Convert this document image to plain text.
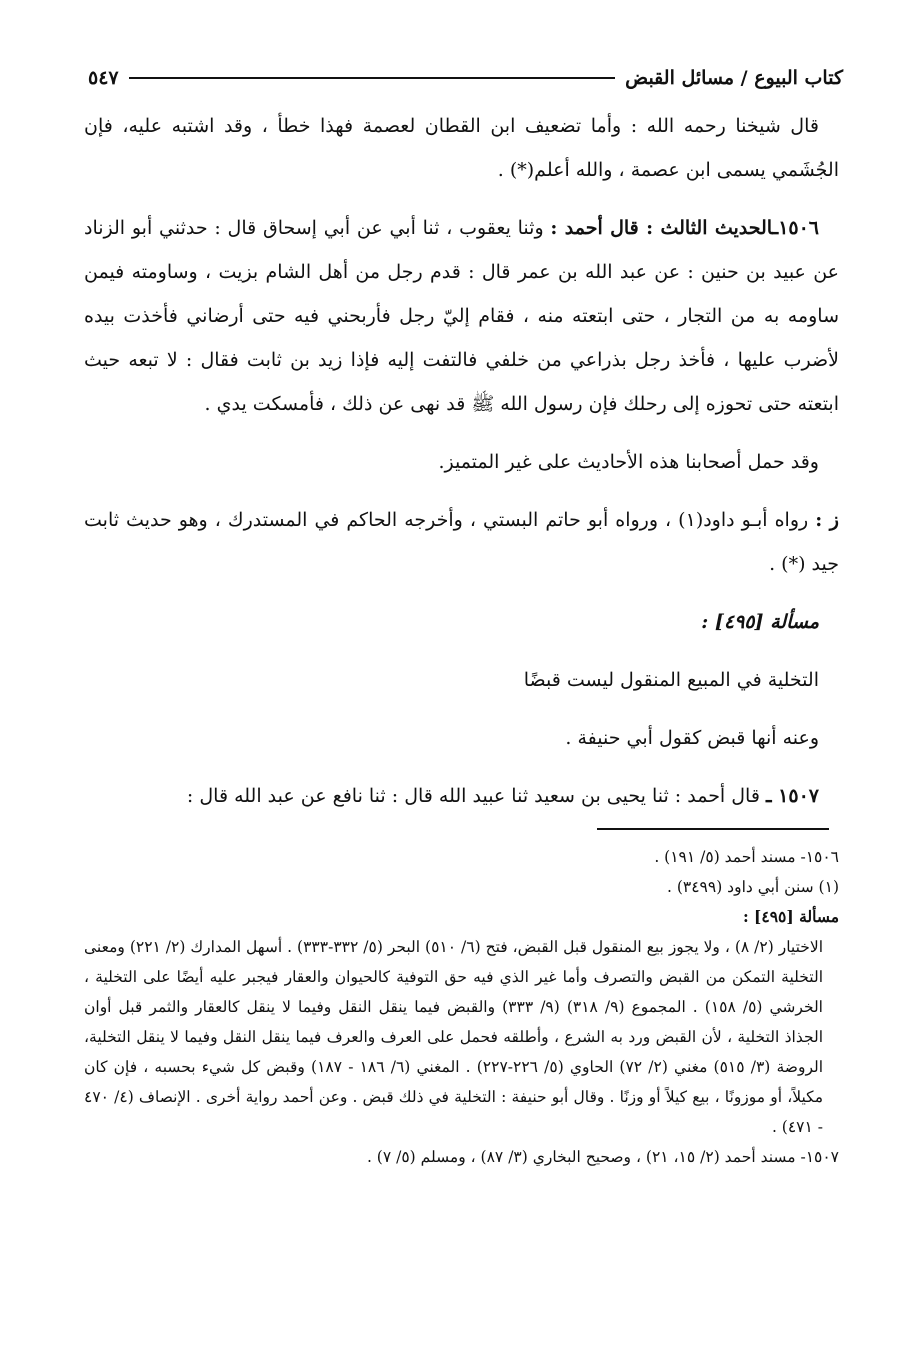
كتاب البيوع / مسائل القبض
٥٤٧

قال شيخنا رحمه الله : وأما تضعيف ابن القطان لعصمة فهذا خطأ ، وقد اشتبه عليه، فإن الجُشَمي يسمى ابن عصمة ، والله أعلم(*) .

١٥٠٦ـالحديث الثالث : قال أحمد : وثنا يعقوب ، ثنا أبي عن أبي إسحاق قال : حدثني أبو الزناد عن عبيد بن حنين : عن عبد الله بن عمر قال : قدم رجل من أهل الشام بزيت ، وساومته فيمن ساومه به من التجار ، حتى ابتعته منه ، فقام إليّ رجل فأربحني فيه حتى أرضاني فأخذت بيده لأضرب عليها ، فأخذ رجل بذراعي من خلفي فالتفت إليه فإذا زيد بن ثابت فقال : لا تبعه حيث ابتعته حتى تحوزه إلى رحلك فإن رسول الله ﷺ قد نهى عن ذلك ، فأمسكت يدي .

وقد حمل أصحابنا هذه الأحاديث على غير المتميز.

ز : رواه أبـو داود(١) ، ورواه أبو حاتم البستي ، وأخرجه الحاكم في المستدرك ، وهو حديث ثابت جيد (*) .

مسألة [٤٩٥] :

التخلية في المبيع المنقول ليست قبضًا

وعنه أنها قبض كقول أبي حنيفة .

١٥٠٧ ـ قال أحمد : ثنا يحيى بن سعيد ثنا عبيد الله قال : ثنا نافع عن عبد الله قال :

١٥٠٦- مسند أحمد (٥/ ١٩١) .

(١) سنن أبي داود (٣٤٩٩) .

مسألة [٤٩٥] :

الاختيار (٢/ ٨) ، ولا يجوز بيع المنقول قبل القبض، فتح (٦/ ٥١٠) البحر (٥/ ٣٣٢-٣٣٣) . أسهل المدارك (٢/ ٢٢١) ومعنى التخلية التمكن من القبض والتصرف وأما غير الذي فيه حق التوفية كالحيوان والعقار فيجبر عليه أيضًا على التخلية ، الخرشي (٥/ ١٥٨) . المجموع (٩/ ٣١٨) (٩/ ٣٣٣) والقبض فيما ينقل النقل وفيما لا ينقل كالعقار والثمر قبل أوان الجذاذ التخلية ، لأن القبض ورد به الشرع ، وأطلقه فحمل على العرف والعرف فيما ينقل النقل وفيما لا ينقل التخلية، الروضة (٣/ ٥١٥) مغني (٢/ ٧٢) الحاوي (٥/ ٢٢٦-٢٢٧) . المغني (٦/ ١٨٦ - ١٨٧) وقبض كل شيء بحسبه ، فإن كان مكيلاً، أو موزونًا ، بيع كيلاً أو وزنًا . وقال أبو حنيفة : التخلية في ذلك قبض . وعن أحمد رواية أخرى . الإنصاف (٤/ ٤٧٠ - ٤٧١) .

١٥٠٧- مسند أحمد (٢/ ١٥، ٢١) ، وصحيح البخاري (٣/ ٨٧) ، ومسلم (٥/ ٧) .
